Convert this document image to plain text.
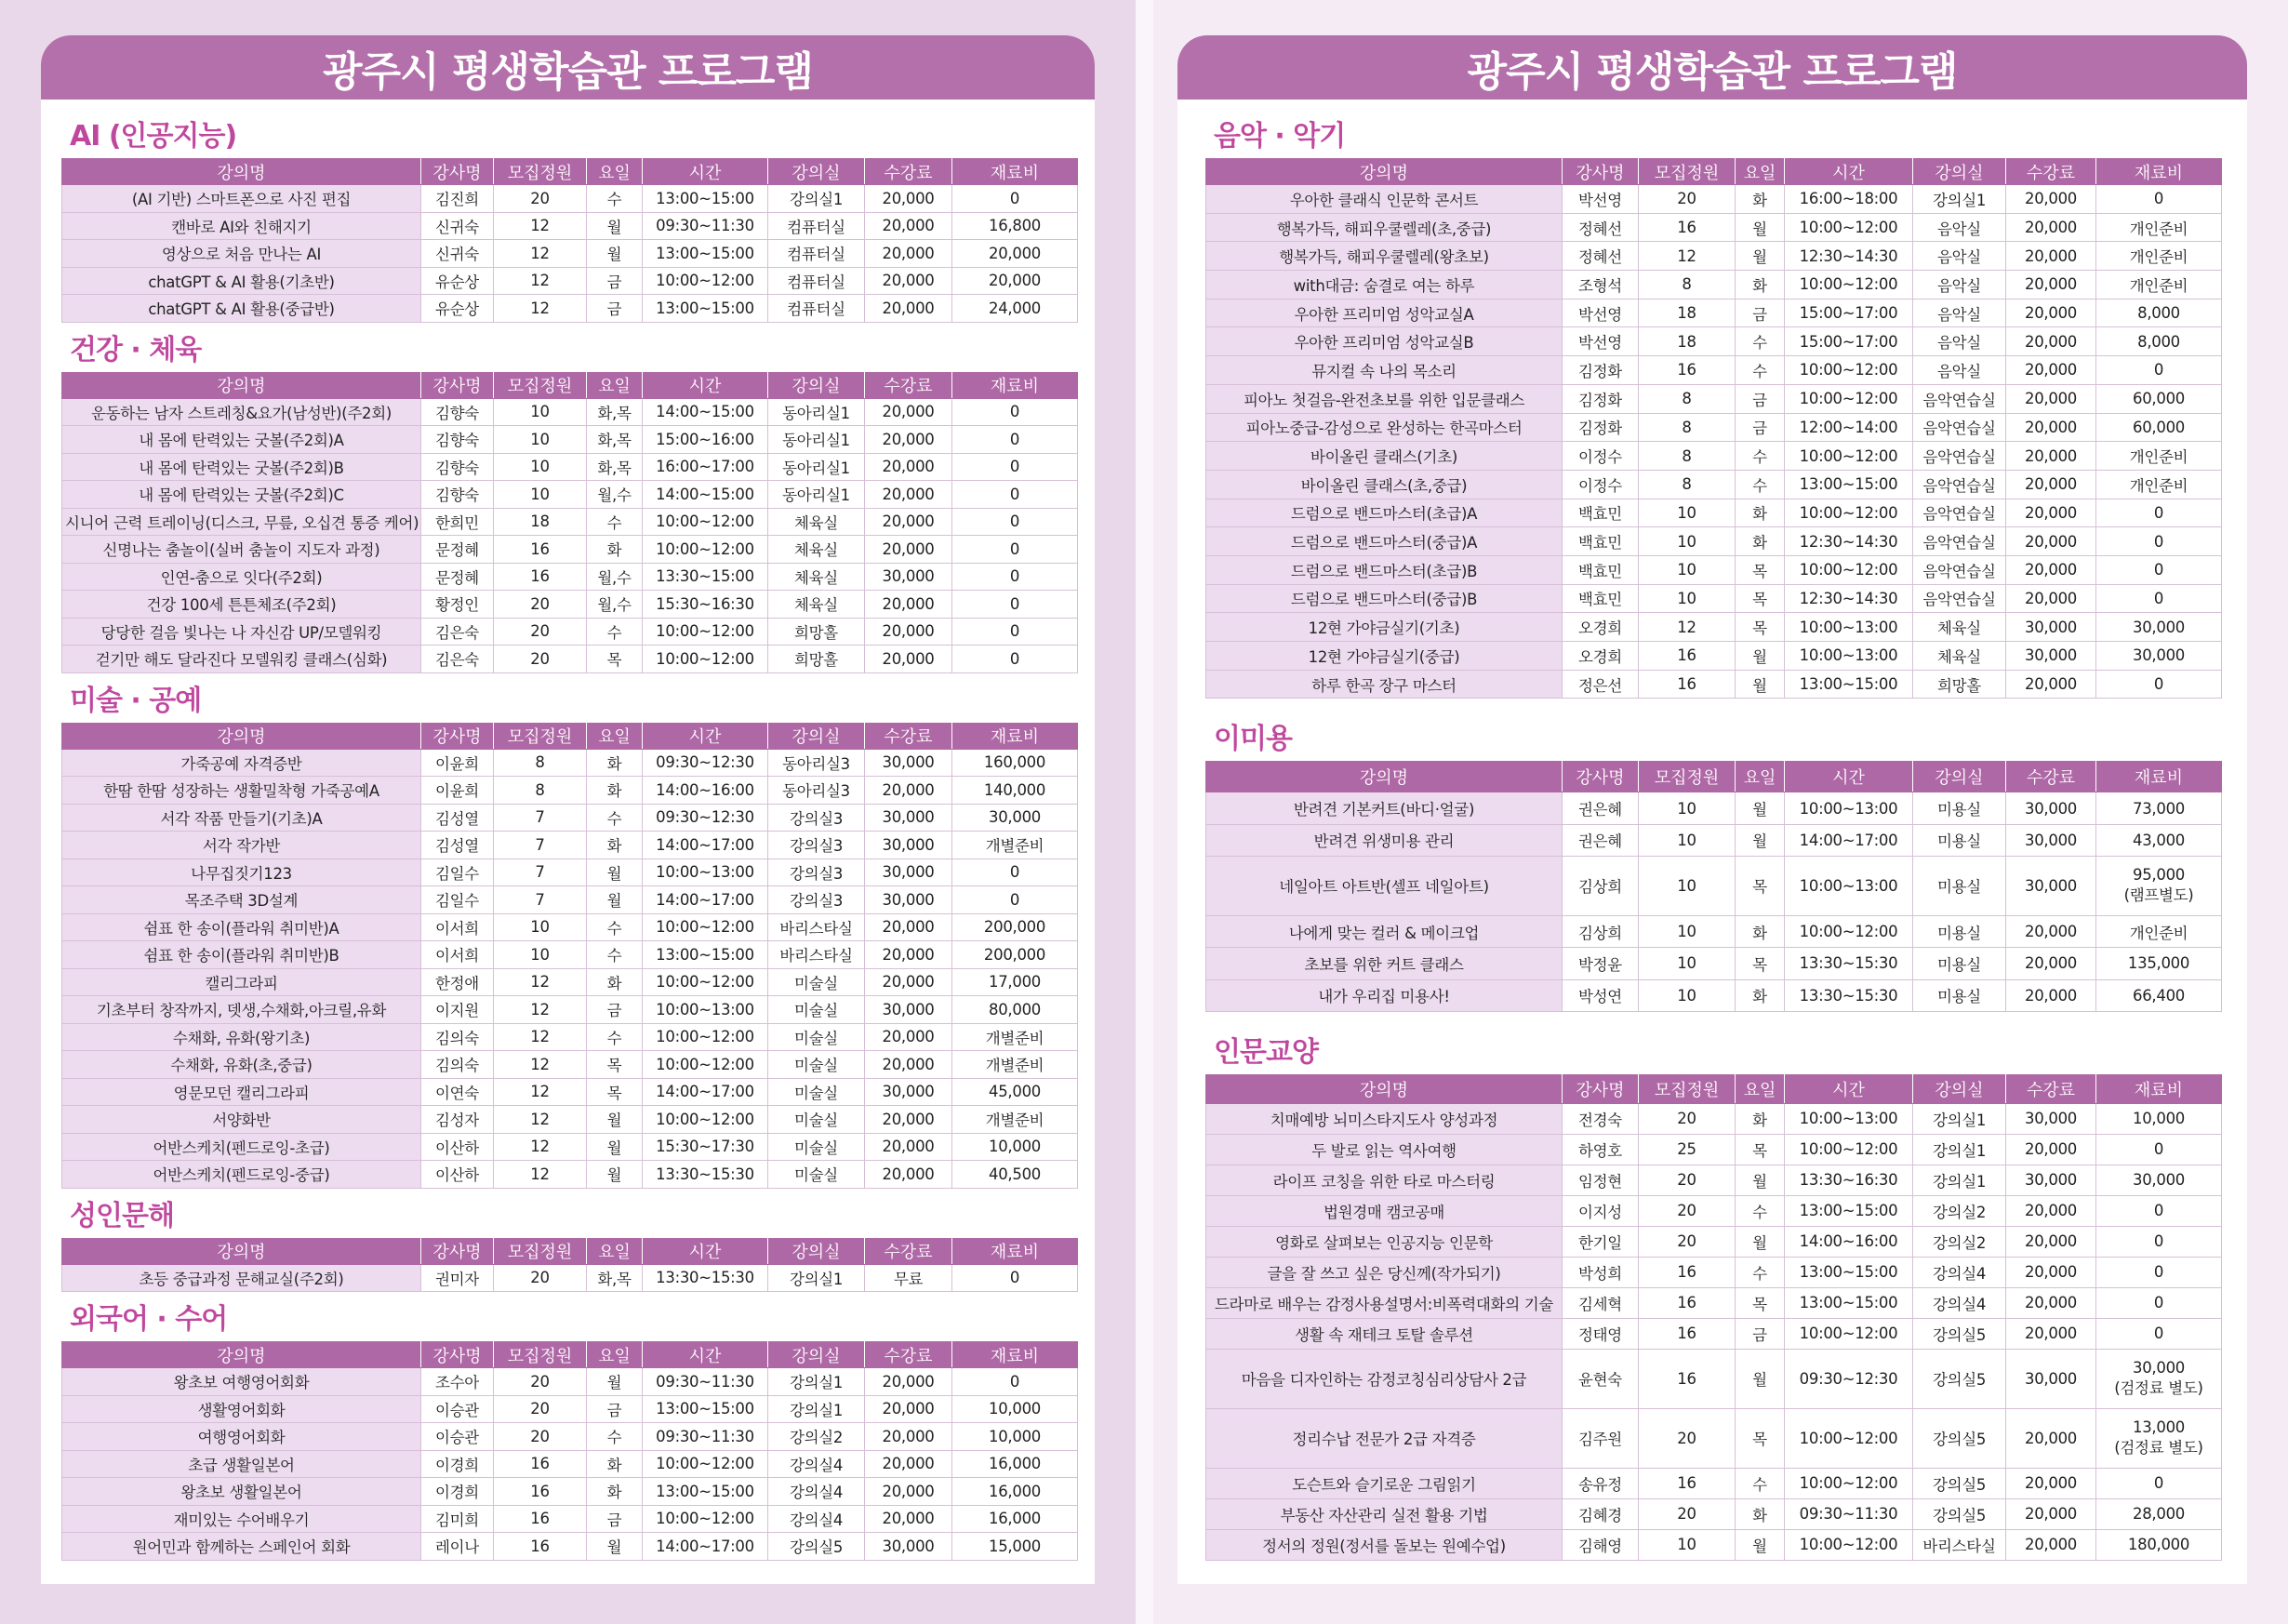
광주시 평생학습관 프로그램
AI (인공지능)
강의명	강사명	모집정원	요일	시간	강의실	수강료	재료비
(AI 기반) 스마트폰으로 사진 편집	김진희	20	수	13:00~15:00	강의실1	20,000	0
캔바로 AI와 친해지기	신귀숙	12	월	09:30~11:30	컴퓨터실	20,000	16,800
영상으로 처음 만나는 AI	신귀숙	12	월	13:00~15:00	컴퓨터실	20,000	20,000
chatGPT & AI 활용(기초반)	유순상	12	금	10:00~12:00	컴퓨터실	20,000	20,000
chatGPT & AI 활용(중급반)	유순상	12	금	13:00~15:00	컴퓨터실	20,000	24,000
건강 · 체육
강의명	강사명	모집정원	요일	시간	강의실	수강료	재료비
운동하는 남자 스트레칭&요가(남성반)(주2회)	김향숙	10	화,목	14:00~15:00	동아리실1	20,000	0
내 몸에 탄력있는 굿볼(주2회)A	김향숙	10	화,목	15:00~16:00	동아리실1	20,000	0
내 몸에 탄력있는 굿볼(주2회)B	김향숙	10	화,목	16:00~17:00	동아리실1	20,000	0
내 몸에 탄력있는 굿볼(주2회)C	김향숙	10	월,수	14:00~15:00	동아리실1	20,000	0
시니어 근력 트레이닝(디스크, 무릎, 오십견 통증 케어)	한희민	18	수	10:00~12:00	체육실	20,000	0
신명나는 춤놀이(실버 춤놀이 지도자 과정)	문정혜	16	화	10:00~12:00	체육실	20,000	0
인연-춤으로 잇다(주2회)	문정혜	16	월,수	13:30~15:00	체육실	30,000	0
건강 100세 튼튼체조(주2회)	황정인	20	월,수	15:30~16:30	체육실	20,000	0
당당한 걸음 빛나는 나 자신감 UP/모델워킹	김은숙	20	수	10:00~12:00	희망홀	20,000	0
걷기만 해도 달라진다 모델워킹 클래스(심화)	김은숙	20	목	10:00~12:00	희망홀	20,000	0
미술 · 공예
강의명	강사명	모집정원	요일	시간	강의실	수강료	재료비
가죽공예 자격증반	이윤희	8	화	09:30~12:30	동아리실3	30,000	160,000
한땀 한땀 성장하는 생활밀착형 가죽공예A	이윤희	8	화	14:00~16:00	동아리실3	20,000	140,000
서각 작품 만들기(기초)A	김성열	7	수	09:30~12:30	강의실3	30,000	30,000
서각 작가반	김성열	7	화	14:00~17:00	강의실3	30,000	개별준비
나무집짓기123	김일수	7	월	10:00~13:00	강의실3	30,000	0
목조주택 3D설계	김일수	7	월	14:00~17:00	강의실3	30,000	0
쉼표 한 송이(플라워 취미반)A	이서희	10	수	10:00~12:00	바리스타실	20,000	200,000
쉼표 한 송이(플라워 취미반)B	이서희	10	수	13:00~15:00	바리스타실	20,000	200,000
캘리그라피	한정애	12	화	10:00~12:00	미술실	20,000	17,000
기초부터 창작까지, 뎃생,수채화,아크릴,유화	이지원	12	금	10:00~13:00	미술실	30,000	80,000
수채화, 유화(왕기초)	김의숙	12	수	10:00~12:00	미술실	20,000	개별준비
수채화, 유화(초,중급)	김의숙	12	목	10:00~12:00	미술실	20,000	개별준비
영문모던 캘리그라피	이연숙	12	목	14:00~17:00	미술실	30,000	45,000
서양화반	김성자	12	월	10:00~12:00	미술실	20,000	개별준비
어반스케치(펜드로잉-초급)	이산하	12	월	15:30~17:30	미술실	20,000	10,000
어반스케치(펜드로잉-중급)	이산하	12	월	13:30~15:30	미술실	20,000	40,500
성인문해
강의명	강사명	모집정원	요일	시간	강의실	수강료	재료비
초등 중급과정 문해교실(주2회)	권미자	20	화,목	13:30~15:30	강의실1	무료	0
외국어 · 수어
강의명	강사명	모집정원	요일	시간	강의실	수강료	재료비
왕초보 여행영어회화	조수아	20	월	09:30~11:30	강의실1	20,000	0
생활영어회화	이승관	20	금	13:00~15:00	강의실1	20,000	10,000
여행영어회화	이승관	20	수	09:30~11:30	강의실2	20,000	10,000
초급 생활일본어	이경희	16	화	10:00~12:00	강의실4	20,000	16,000
왕초보 생활일본어	이경희	16	화	13:00~15:00	강의실4	20,000	16,000
재미있는 수어배우기	김미희	16	금	10:00~12:00	강의실4	20,000	16,000
원어민과 함께하는 스페인어 회화	레이나	16	월	14:00~17:00	강의실5	30,000	15,000
광주시 평생학습관 프로그램
음악 · 악기
강의명	강사명	모집정원	요일	시간	강의실	수강료	재료비
우아한 클래식 인문학 콘서트	박선영	20	화	16:00~18:00	강의실1	20,000	0
행복가득, 해피우쿨렐레(초,중급)	정혜선	16	월	10:00~12:00	음악실	20,000	개인준비
행복가득, 해피우쿨렐레(왕초보)	정혜선	12	월	12:30~14:30	음악실	20,000	개인준비
with대금: 숨결로 여는 하루	조형석	8	화	10:00~12:00	음악실	20,000	개인준비
우아한 프리미엄 성악교실A	박선영	18	금	15:00~17:00	음악실	20,000	8,000
우아한 프리미엄 성악교실B	박선영	18	수	15:00~17:00	음악실	20,000	8,000
뮤지컬 속 나의 목소리	김정화	16	수	10:00~12:00	음악실	20,000	0
피아노 첫걸음-완전초보를 위한 입문클래스	김정화	8	금	10:00~12:00	음악연습실	20,000	60,000
피아노중급-감성으로 완성하는 한곡마스터	김정화	8	금	12:00~14:00	음악연습실	20,000	60,000
바이올린 클래스(기초)	이정수	8	수	10:00~12:00	음악연습실	20,000	개인준비
바이올린 클래스(초,중급)	이정수	8	수	13:00~15:00	음악연습실	20,000	개인준비
드럼으로 밴드마스터(초급)A	백효민	10	화	10:00~12:00	음악연습실	20,000	0
드럼으로 밴드마스터(중급)A	백효민	10	화	12:30~14:30	음악연습실	20,000	0
드럼으로 밴드마스터(초급)B	백효민	10	목	10:00~12:00	음악연습실	20,000	0
드럼으로 밴드마스터(중급)B	백효민	10	목	12:30~14:30	음악연습실	20,000	0
12현 가야금실기(기초)	오경희	12	목	10:00~13:00	체육실	30,000	30,000
12현 가야금실기(중급)	오경희	16	월	10:00~13:00	체육실	30,000	30,000
하루 한곡 장구 마스터	정은선	16	월	13:00~15:00	희망홀	20,000	0
이미용
강의명	강사명	모집정원	요일	시간	강의실	수강료	재료비
반려견 기본커트(바디·얼굴)	권은혜	10	월	10:00~13:00	미용실	30,000	73,000
반려견 위생미용 관리	권은혜	10	월	14:00~17:00	미용실	30,000	43,000
네일아트 아트반(셀프 네일아트)	김상희	10	목	10:00~13:00	미용실	30,000	95,000
(램프별도)
나에게 맞는 컬러 & 메이크업	김상희	10	화	10:00~12:00	미용실	20,000	개인준비
초보를 위한 커트 클래스	박정윤	10	목	13:30~15:30	미용실	20,000	135,000
내가 우리집 미용사!	박성연	10	화	13:30~15:30	미용실	20,000	66,400
인문교양
강의명	강사명	모집정원	요일	시간	강의실	수강료	재료비
치매예방 뇌미스타지도사 양성과정	전경숙	20	화	10:00~13:00	강의실1	30,000	10,000
두 발로 읽는 역사여행	하영호	25	목	10:00~12:00	강의실1	20,000	0
라이프 코칭을 위한 타로 마스터링	임정현	20	월	13:30~16:30	강의실1	30,000	30,000
법원경매 캠코공매	이지성	20	수	13:00~15:00	강의실2	20,000	0
영화로 살펴보는 인공지능 인문학	한기일	20	월	14:00~16:00	강의실2	20,000	0
글을 잘 쓰고 싶은 당신께(작가되기)	박성희	16	수	13:00~15:00	강의실4	20,000	0
드라마로 배우는 감정사용설명서:비폭력대화의 기술	김세혁	16	목	13:00~15:00	강의실4	20,000	0
생활 속 재테크 토탈 솔루션	정태영	16	금	10:00~12:00	강의실5	20,000	0
마음을 디자인하는 감정코칭심리상담사 2급	윤현숙	16	월	09:30~12:30	강의실5	30,000	30,000
(검정료 별도)
정리수납 전문가 2급 자격증	김주원	20	목	10:00~12:00	강의실5	20,000	13,000
(검정료 별도)
도슨트와 슬기로운 그림읽기	송유정	16	수	10:00~12:00	강의실5	20,000	0
부동산 자산관리 실전 활용 기법	김혜경	20	화	09:30~11:30	강의실5	20,000	28,000
정서의 정원(정서를 돌보는 원예수업)	김해영	10	월	10:00~12:00	바리스타실	20,000	180,000
